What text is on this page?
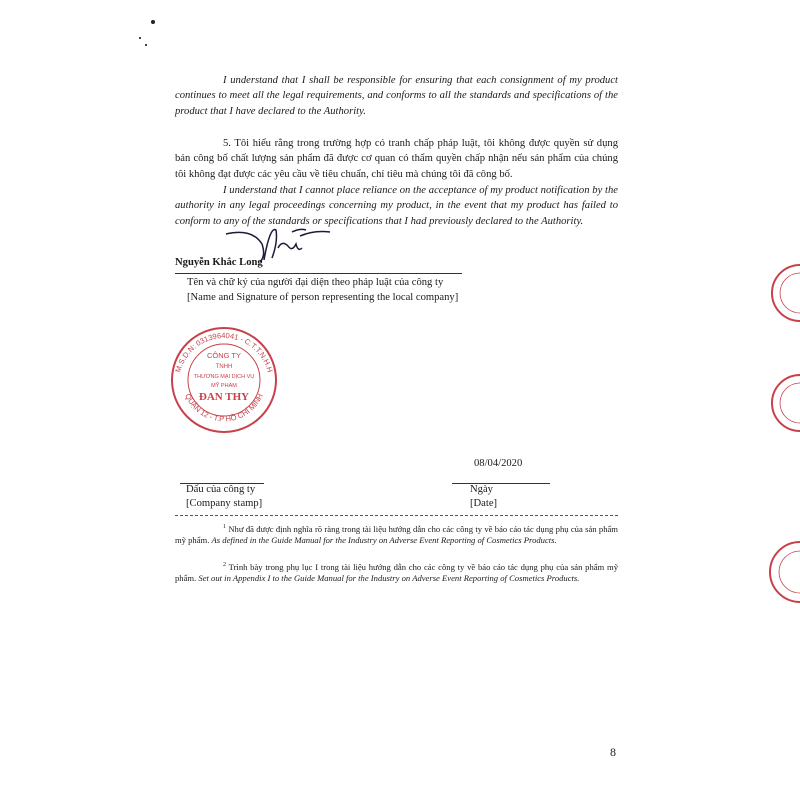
I understand that I shall be responsible for ensuring that each consignment of my product continues to meet all the legal requirements, and conforms to all the standards and specifications of the product that I have declared to the Authority.
5. Tôi hiểu rằng trong trường hợp có tranh chấp pháp luật, tôi không được quyền sử dụng bản công bố chất lượng sản phẩm đã được cơ quan có thẩm quyền chấp nhận nếu sản phẩm của chúng tôi không đạt được các yêu cầu về tiêu chuẩn, chỉ tiêu mà chúng tôi đã công bố.
I understand that I cannot place reliance on the acceptance of my product notification by the authority in any legal proceedings concerning my product, in the event that my product has failed to conform to any of the standards or specifications that I had previously declared to the Authority.
Nguyễn Khắc Long
Tên và chữ ký của người đại diện theo pháp luật của công ty
[Name and Signature of person representing the local company]
M.S.D.N: 0313964041 - C.T.T.N.H.H
QUẬN 12 - T.P HỒ CHÍ MINH
CÔNG TY
TNHH
THƯƠNG MẠI DỊCH VỤ
MỸ PHẨM
ĐAN THY
08/04/2020
Dấu của công ty
[Company stamp]
Ngày
[Date]
$^1$ Như đã được định nghĩa rõ ràng trong tài liệu hướng dẫn cho các công ty về báo cáo tác dụng phụ của sản phẩm mỹ phẩm. As defined in the Guide Manual for the Industry on Adverse Event Reporting of Cosmetics Products.
$^2$ Trình bày trong phụ lục I trong tài liệu hướng dẫn cho các công ty về báo cáo tác dụng phụ của sản phẩm mỹ phẩm. Set out in Appendix I to the Guide Manual for the Industry on Adverse Event Reporting of Cosmetics Products.
8
